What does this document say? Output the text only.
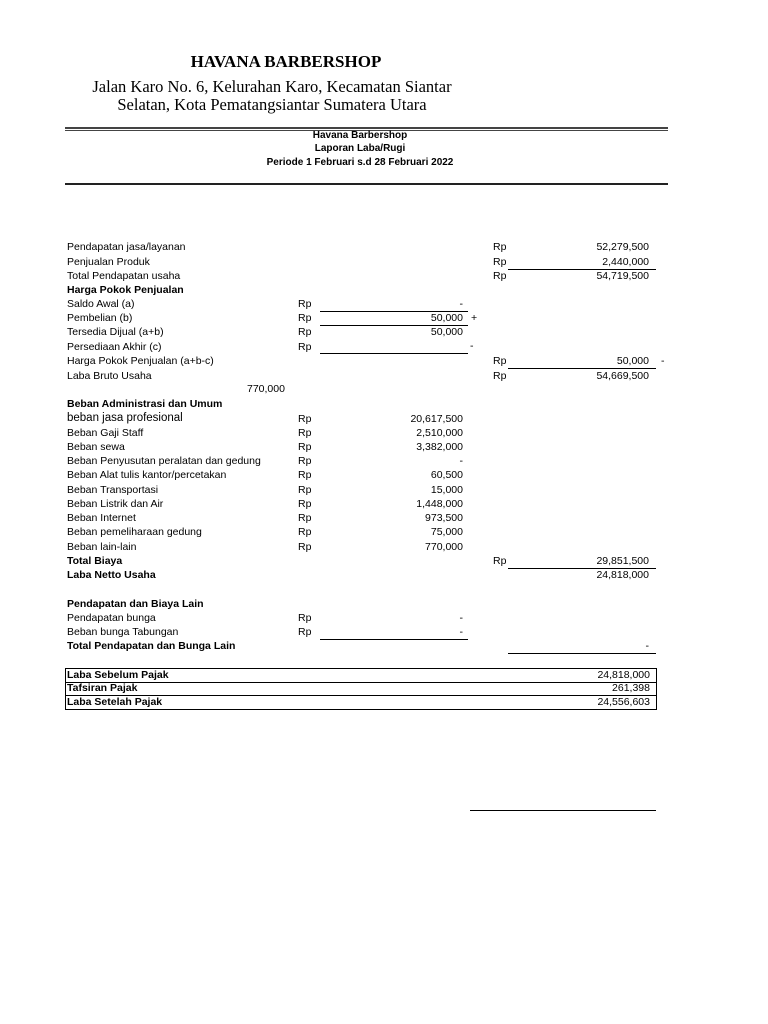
HAVANA BARBERSHOP
Jalan Karo No. 6, Kelurahan Karo, Kecamatan Siantar
Selatan, Kota Pematangsiantar Sumatera Utara
Havana Barbershop
Laporan Laba/Rugi
Periode 1 Februari s.d 28 Februari 2022
Pendapatan jasa/layanan	Rp	52,279,500
Penjualan Produk	Rp	2,440,000
Total Pendapatan usaha	Rp	54,719,500
Harga Pokok Penjualan
Saldo Awal (a)	Rp	-
Pembelian (b)	Rp	50,000 +
Tersedia Dijual (a+b)	Rp	50,000
Persediaan Akhir (c)	Rp	-
Harga Pokok Penjualan (a+b-c)	Rp	50,000 -
Laba Bruto Usaha	Rp	54,669,500
770,000
Beban Administrasi dan Umum
beban jasa profesional	Rp	20,617,500
Beban Gaji Staff	Rp	2,510,000
Beban sewa	Rp	3,382,000
Beban Penyusutan peralatan dan gedung	Rp	-
Beban Alat tulis kantor/percetakan	Rp	60,500
Beban Transportasi	Rp	15,000
Beban Listrik dan Air	Rp	1,448,000
Beban Internet	Rp	973,500
Beban pemeliharaan gedung	Rp	75,000
Beban lain-lain	Rp	770,000
Total Biaya	Rp	29,851,500
Laba Netto Usaha	24,818,000
Pendapatan dan Biaya Lain
Pendapatan bunga	Rp	-
Beban bunga Tabungan	Rp	-
Total Pendapatan dan Bunga Lain	-
Laba Sebelum Pajak	24,818,000
Tafsiran Pajak	261,398
Laba Setelah Pajak	24,556,603
